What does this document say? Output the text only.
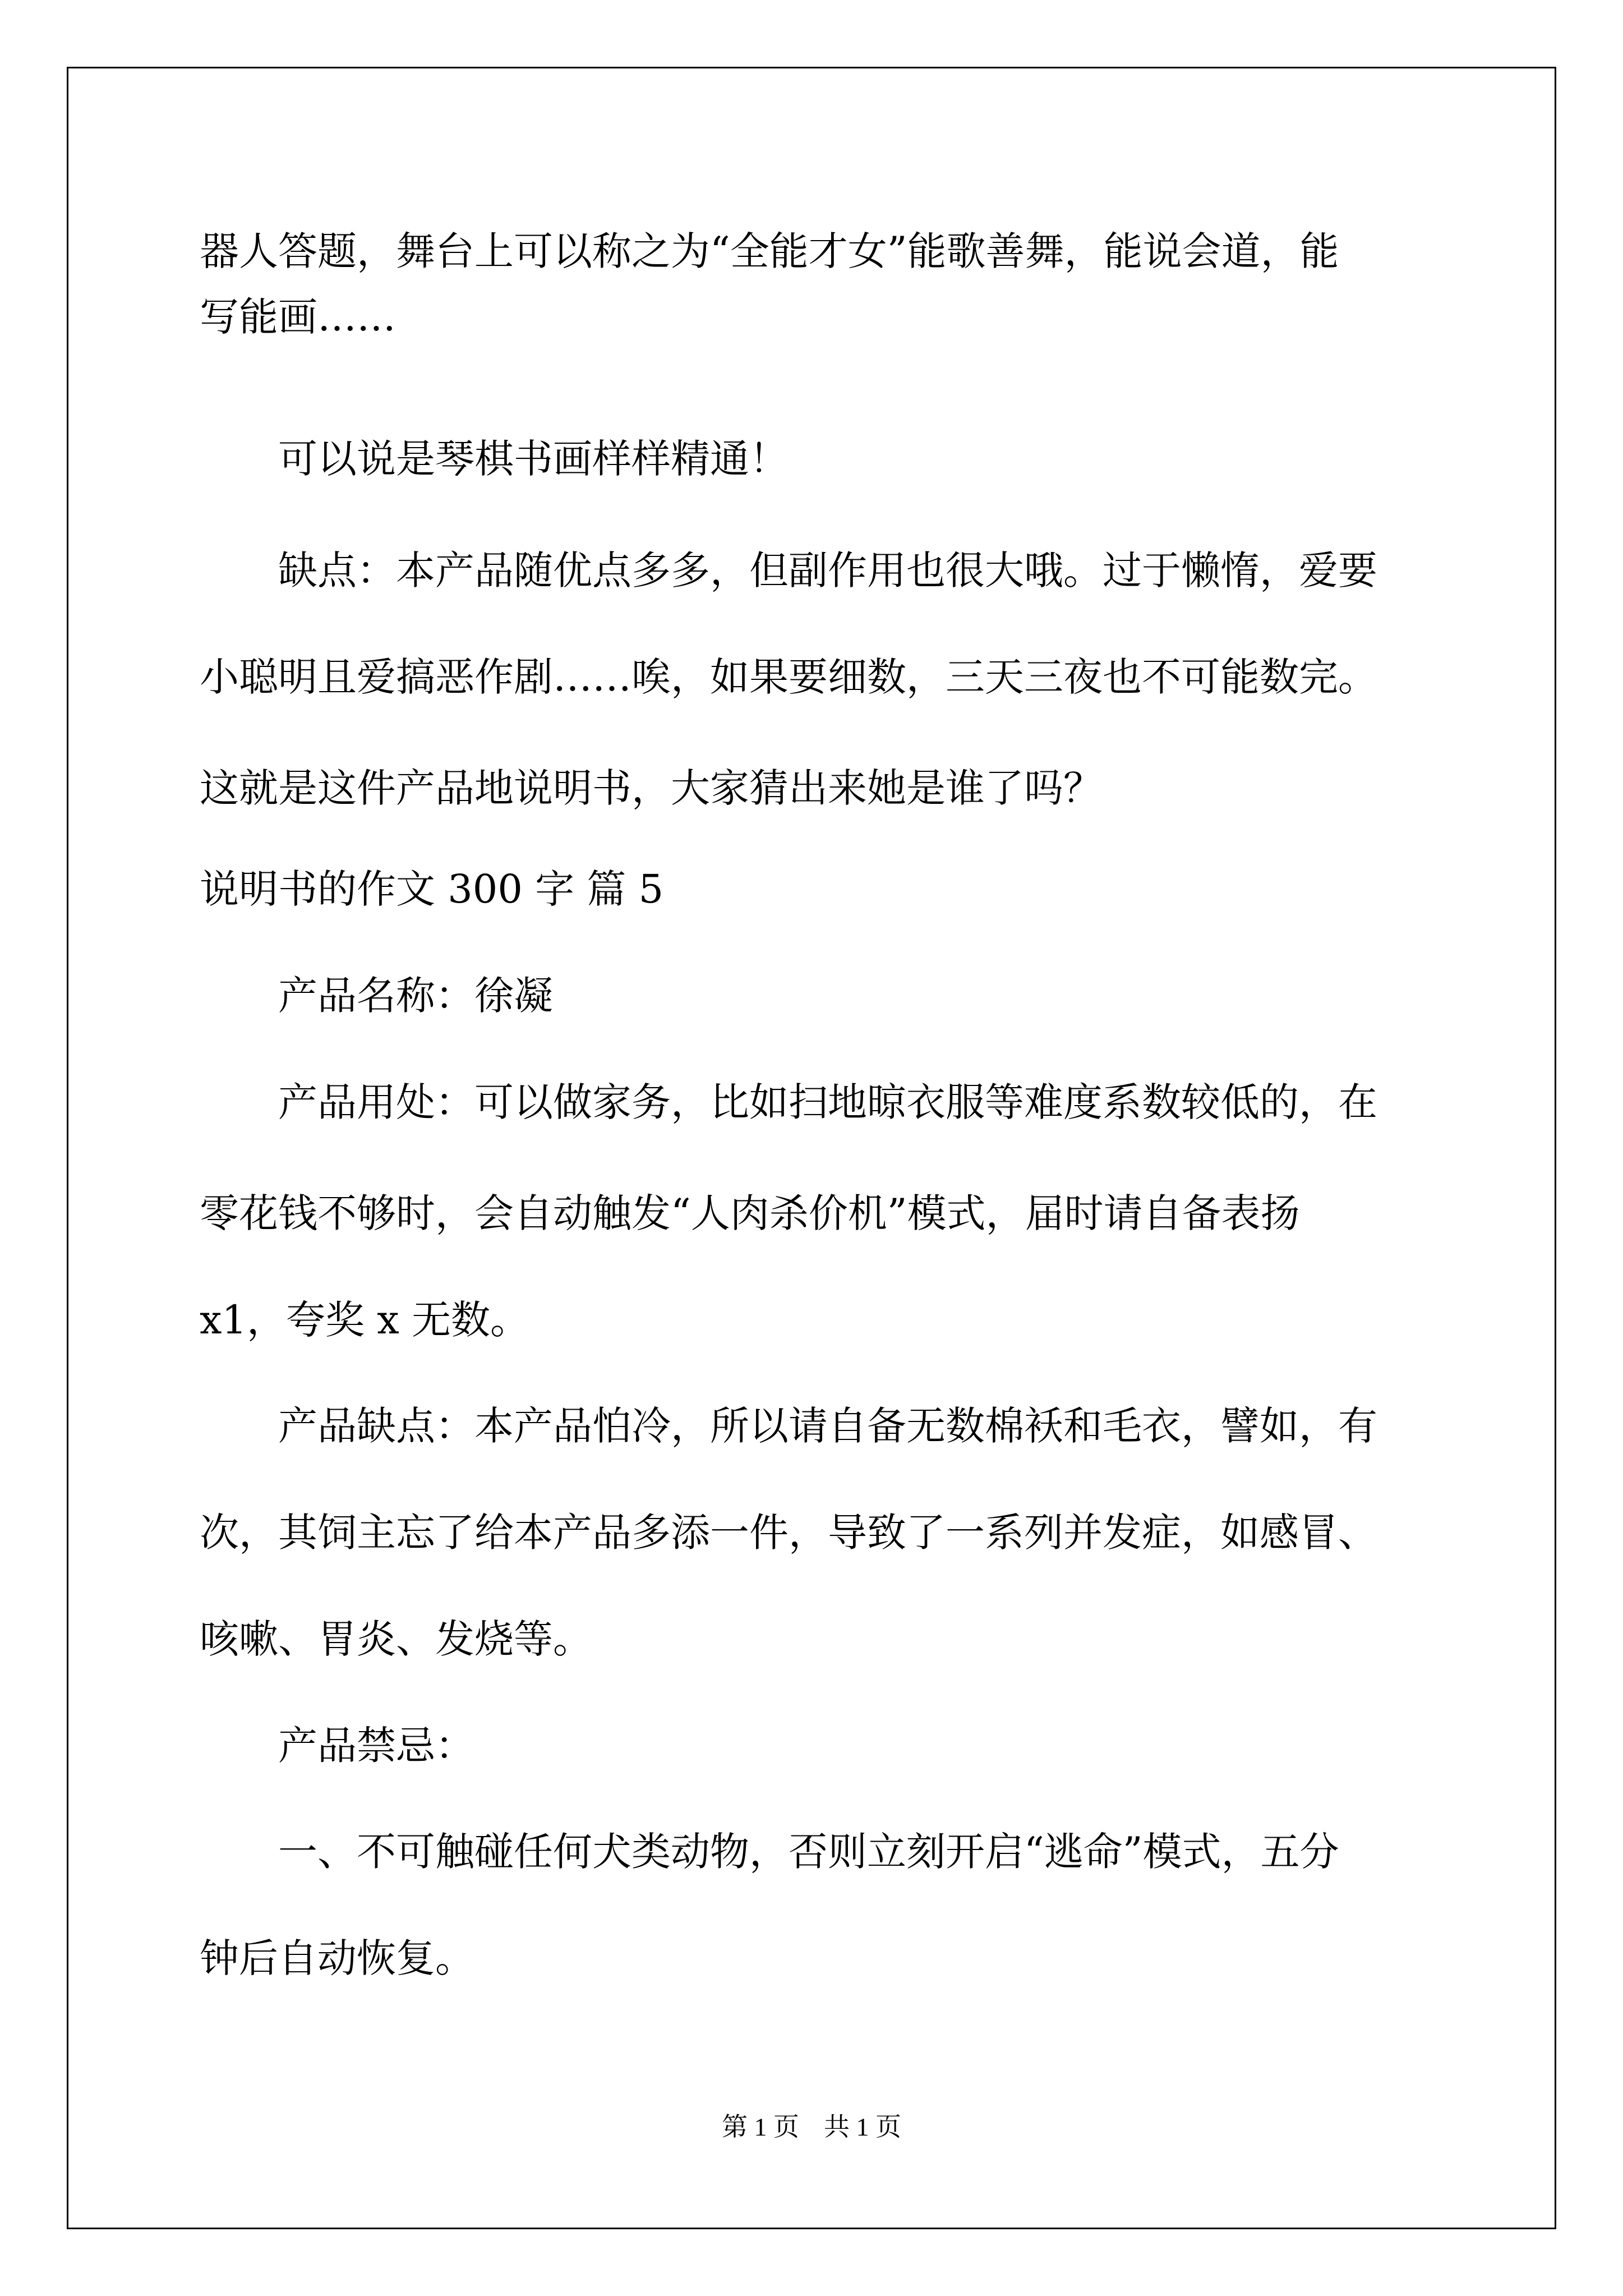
器人答题，舞台上可以称之为“全能才女”能歌善舞，能说会道，能
写能画……
可以说是琴棋书画样样精通！
缺点：本产品随优点多多，但副作用也很大哦。过于懒惰，爱要
小聪明且爱搞恶作剧……唉，如果要细数，三天三夜也不可能数完。
这就是这件产品地说明书，大家猜出来她是谁了吗？
说明书的作文 300 字 篇 5
产品名称：徐凝
产品用处：可以做家务，比如扫地晾衣服等难度系数较低的，在
零花钱不够时，会自动触发“人肉杀价机”模式，届时请自备表扬
x1，夸奖 x 无数。
产品缺点：本产品怕冷，所以请自备无数棉袄和毛衣，譬如，有
次，其饲主忘了给本产品多添一件，导致了一系列并发症，如感冒、
咳嗽、胃炎、发烧等。
产品禁忌：
一、不可触碰任何犬类动物，否则立刻开启“逃命”模式，五分
钟后自动恢复。
第 1 页 共 1 页
